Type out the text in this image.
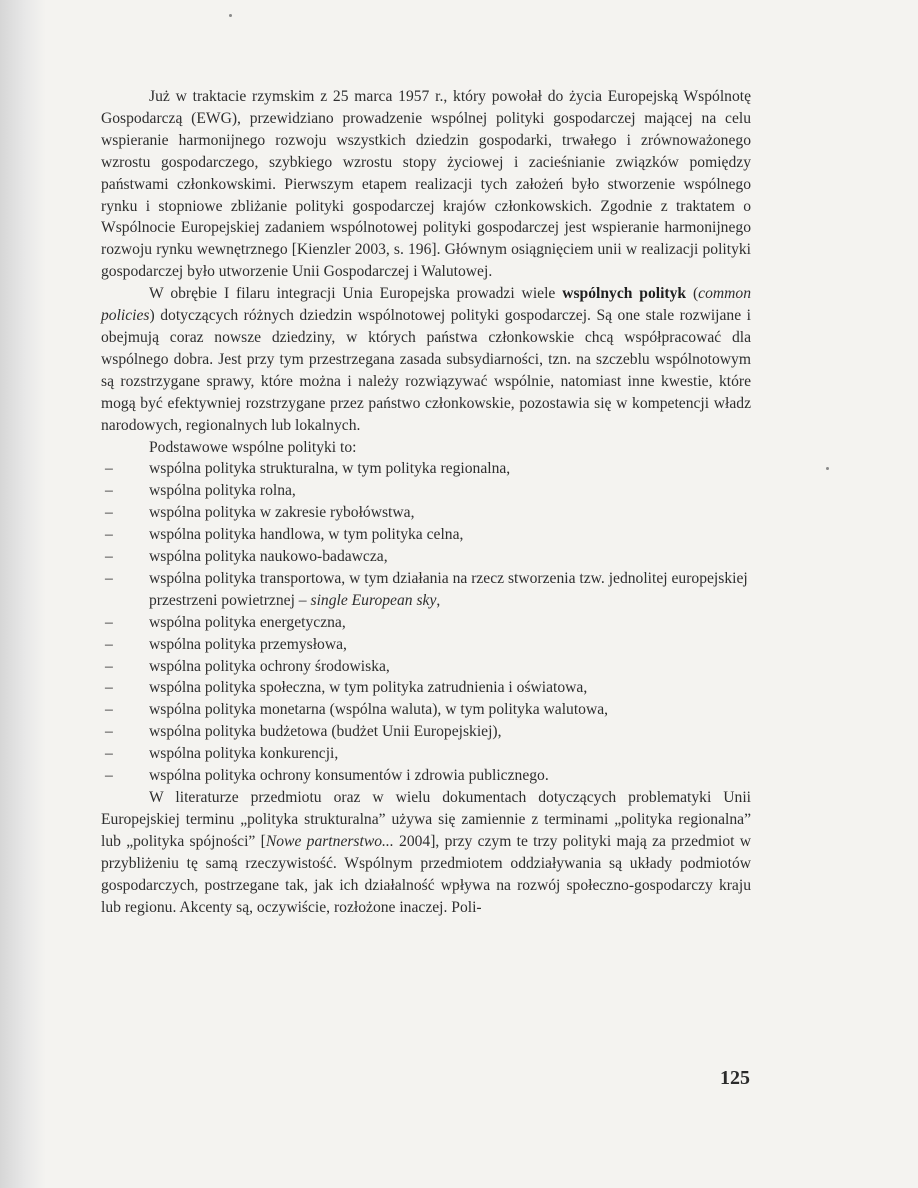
Już w traktacie rzymskim z 25 marca 1957 r., który powołał do życia Europejską Wspólnotę Gospodarczą (EWG), przewidziano prowadzenie wspólnej polityki gospodarczej mającej na celu wspieranie harmonijnego rozwoju wszystkich dziedzin gospodarki, trwałego i zrównoważonego wzrostu gospodarczego, szybkiego wzrostu stopy życiowej i zacieśnianie związków pomiędzy państwami członkowskimi. Pierwszym etapem realizacji tych założeń było stworzenie wspólnego rynku i stopniowe zbliżanie polityki gospodarczej krajów członkowskich. Zgodnie z traktatem o Wspólnocie Europejskiej zadaniem wspólnotowej polityki gospodarczej jest wspieranie harmonijnego rozwoju rynku wewnętrznego [Kienzler 2003, s. 196]. Głównym osiągnięciem unii w realizacji polityki gospodarczej było utworzenie Unii Gospodarczej i Walutowej.

W obrębie I filaru integracji Unia Europejska prowadzi wiele wspólnych polityk (common policies) dotyczących różnych dziedzin wspólnotowej polityki gospodarczej. Są one stale rozwijane i obejmują coraz nowsze dziedziny, w których państwa członkowskie chcą współpracować dla wspólnego dobra. Jest przy tym przestrzegana zasada subsydiarności, tzn. na szczeblu wspólnotowym są rozstrzygane sprawy, które można i należy rozwiązywać wspólnie, natomiast inne kwestie, które mogą być efektywniej rozstrzygane przez państwo członkowskie, pozostawia się w kompetencji władz narodowych, regionalnych lub lokalnych.

Podstawowe wspólne polityki to:

– wspólna polityka strukturalna, w tym polityka regionalna,
– wspólna polityka rolna,
– wspólna polityka w zakresie rybołówstwa,
– wspólna polityka handlowa, w tym polityka celna,
– wspólna polityka naukowo-badawcza,
– wspólna polityka transportowa, w tym działania na rzecz stworzenia tzw. jednolitej europejskiej przestrzeni powietrznej – single European sky,
– wspólna polityka energetyczna,
– wspólna polityka przemysłowa,
– wspólna polityka ochrony środowiska,
– wspólna polityka społeczna, w tym polityka zatrudnienia i oświatowa,
– wspólna polityka monetarna (wspólna waluta), w tym polityka walutowa,
– wspólna polityka budżetowa (budżet Unii Europejskiej),
– wspólna polityka konkurencji,
– wspólna polityka ochrony konsumentów i zdrowia publicznego.

W literaturze przedmiotu oraz w wielu dokumentach dotyczących problematyki Unii Europejskiej terminu „polityka strukturalna” używa się zamiennie z terminami „polityka regionalna” lub „polityka spójności” [Nowe partnerstwo... 2004], przy czym te trzy polityki mają za przedmiot w przybliżeniu tę samą rzeczywistość. Wspólnym przedmiotem oddziaływania są układy podmiotów gospodarczych, postrzegane tak, jak ich działalność wpływa na rozwój społeczno-gospodarczy kraju lub regionu. Akcenty są, oczywiście, rozłożone inaczej. Poli-

125
